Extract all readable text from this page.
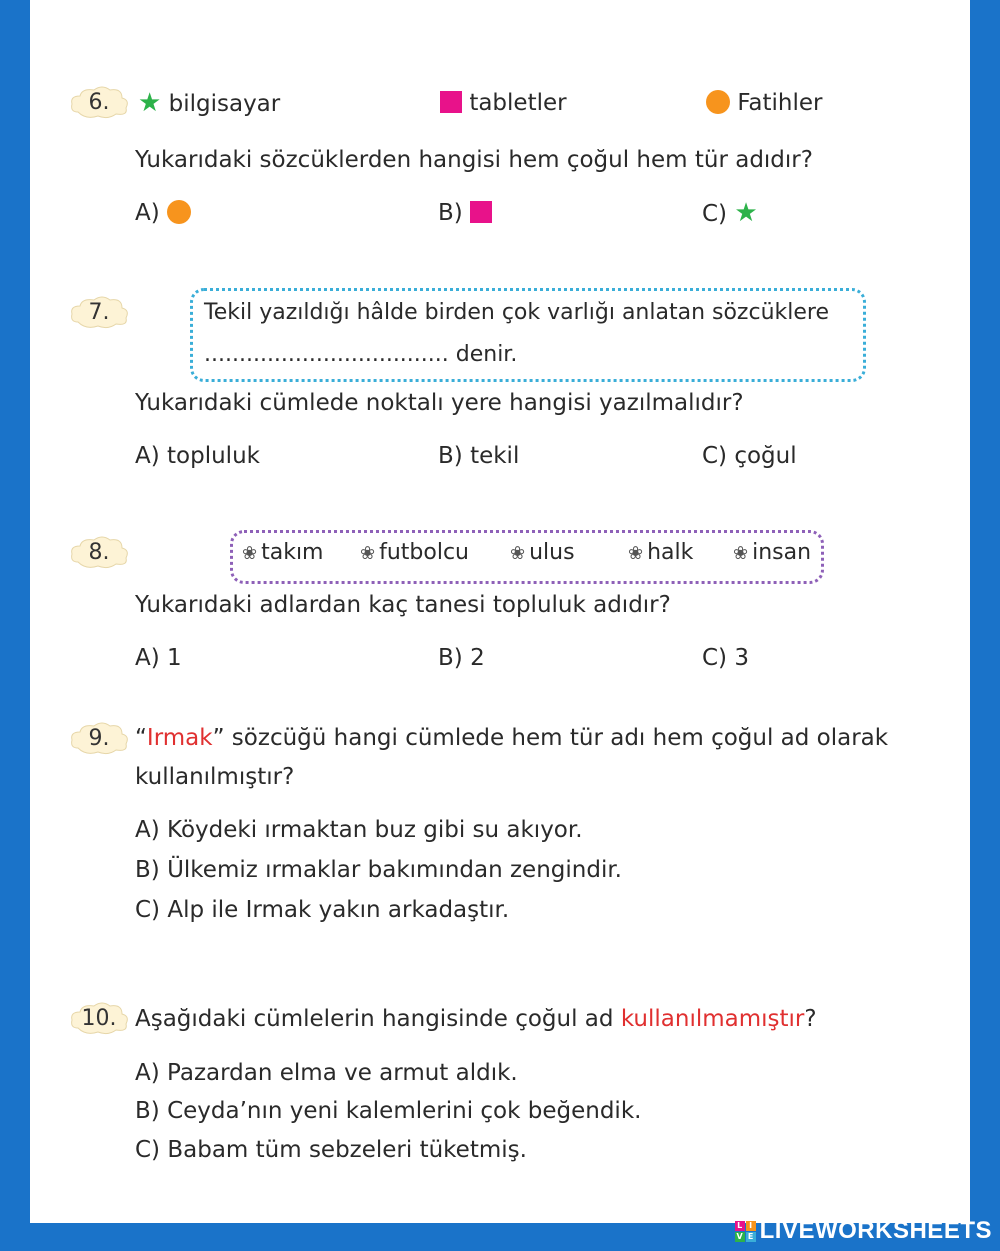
6. ★ bilgisayar	tabletler	Fatihler
Yukarıdaki sözcüklerden hangisi hem çoğul hem tür adıdır?
A)	B)	C) ★
7.	Tekil yazıldığı hâlde birden çok varlığı anlatan sözcüklere
................................... denir.
Yukarıdaki cümlede noktalı yere hangisi yazılmalıdır?
A) topluluk	B) tekil	C) çoğul
8.	❀ takım ❀ futbolcu ❀ ulus	❀ halk ❀ insan
Yukarıdaki adlardan kaç tanesi topluluk adıdır?
A) 1	B) 2	C) 3
9. “Irmak” sözcüğü hangi cümlede hem tür adı hem çoğul ad olarak
kullanılmıştır?
A) Köydeki ırmaktan buz gibi su akıyor.
B) Ülkemiz ırmaklar bakımından zengindir.
C) Alp ile Irmak yakın arkadaştır.
10. Aşağıdaki cümlelerin hangisinde çoğul ad kullanılmamıştır?
A) Pazardan elma ve armut aldık.
B) Ceyda’nın yeni kalemlerini çok beğendik.
C) Babam tüm sebzeleri tüketmiş.
L I
V E LIVEWORKSHEETS
